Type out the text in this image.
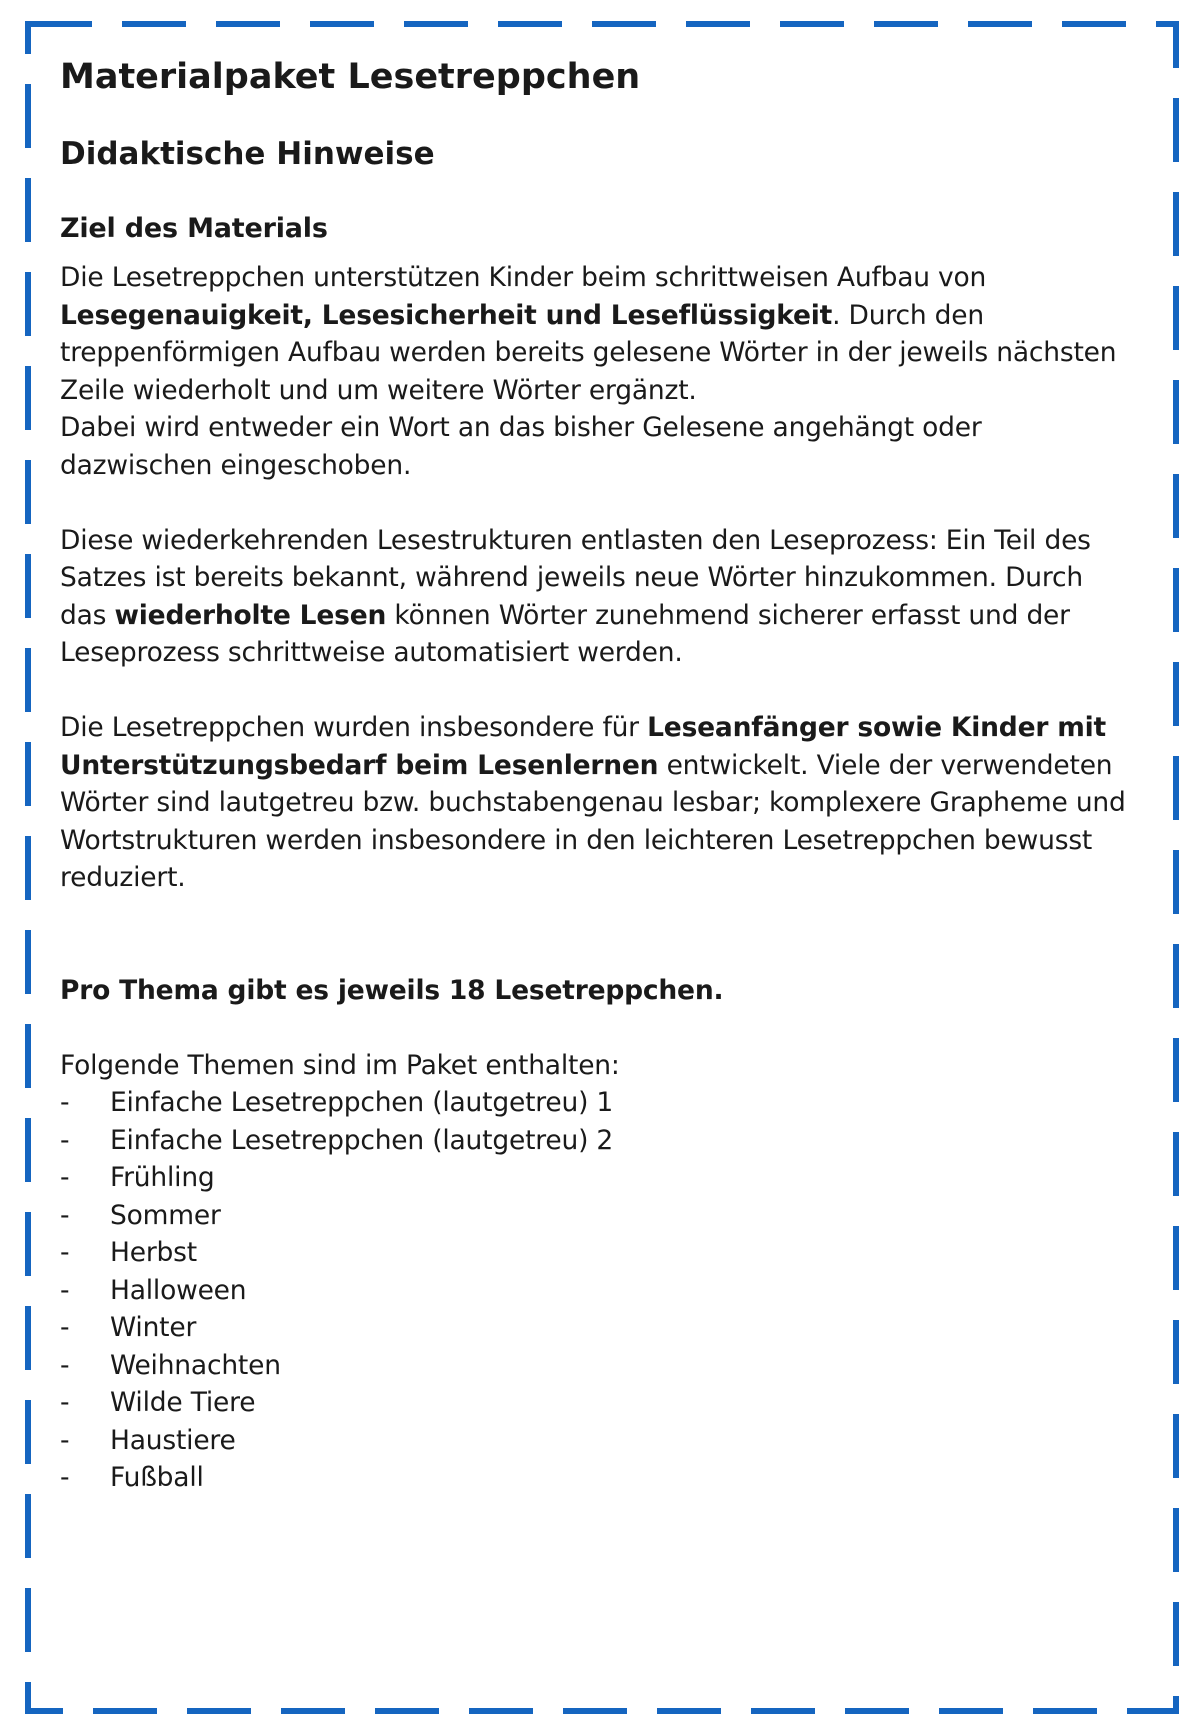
Materialpaket Lesetreppchen
Didaktische Hinweise
Ziel des Materials

Die Lesetreppchen unterstützen Kinder beim schrittweisen Aufbau von Lesegenauigkeit, Lesesicherheit und Leseflüssigkeit. Durch den treppenförmigen Aufbau werden bereits gelesene Wörter in der jeweils nächsten Zeile wiederholt und um weitere Wörter ergänzt.

Dabei wird entweder ein Wort an das bisher Gelesene angehängt oder dazwischen eingeschoben.

Diese wiederkehrenden Lesestrukturen entlasten den Leseprozess: Ein Teil des Satzes ist bereits bekannt, während jeweils neue Wörter hinzukommen. Durch das wiederholte Lesen können Wörter zunehmend sicherer erfasst und der Leseprozess schrittweise automatisiert werden.

Die Lesetreppchen wurden insbesondere für Leseanfänger sowie Kinder mit Unterstützungsbedarf beim Lesenlernen entwickelt. Viele der verwendeten Wörter sind lautgetreu bzw. buchstabengenau lesbar; komplexere Grapheme und Wortstrukturen werden insbesondere in den leichteren Lesetreppchen bewusst reduziert.

Pro Thema gibt es jeweils 18 Lesetreppchen.

Folgende Themen sind im Paket enthalten:

-	Einfache Lesetreppchen (lautgetreu) 1
-	Einfache Lesetreppchen (lautgetreu) 2
-	Frühling
-	Sommer
-	Herbst
-	Halloween
-	Winter
-	Weihnachten
-	Wilde Tiere
-	Haustiere
-	Fußball
